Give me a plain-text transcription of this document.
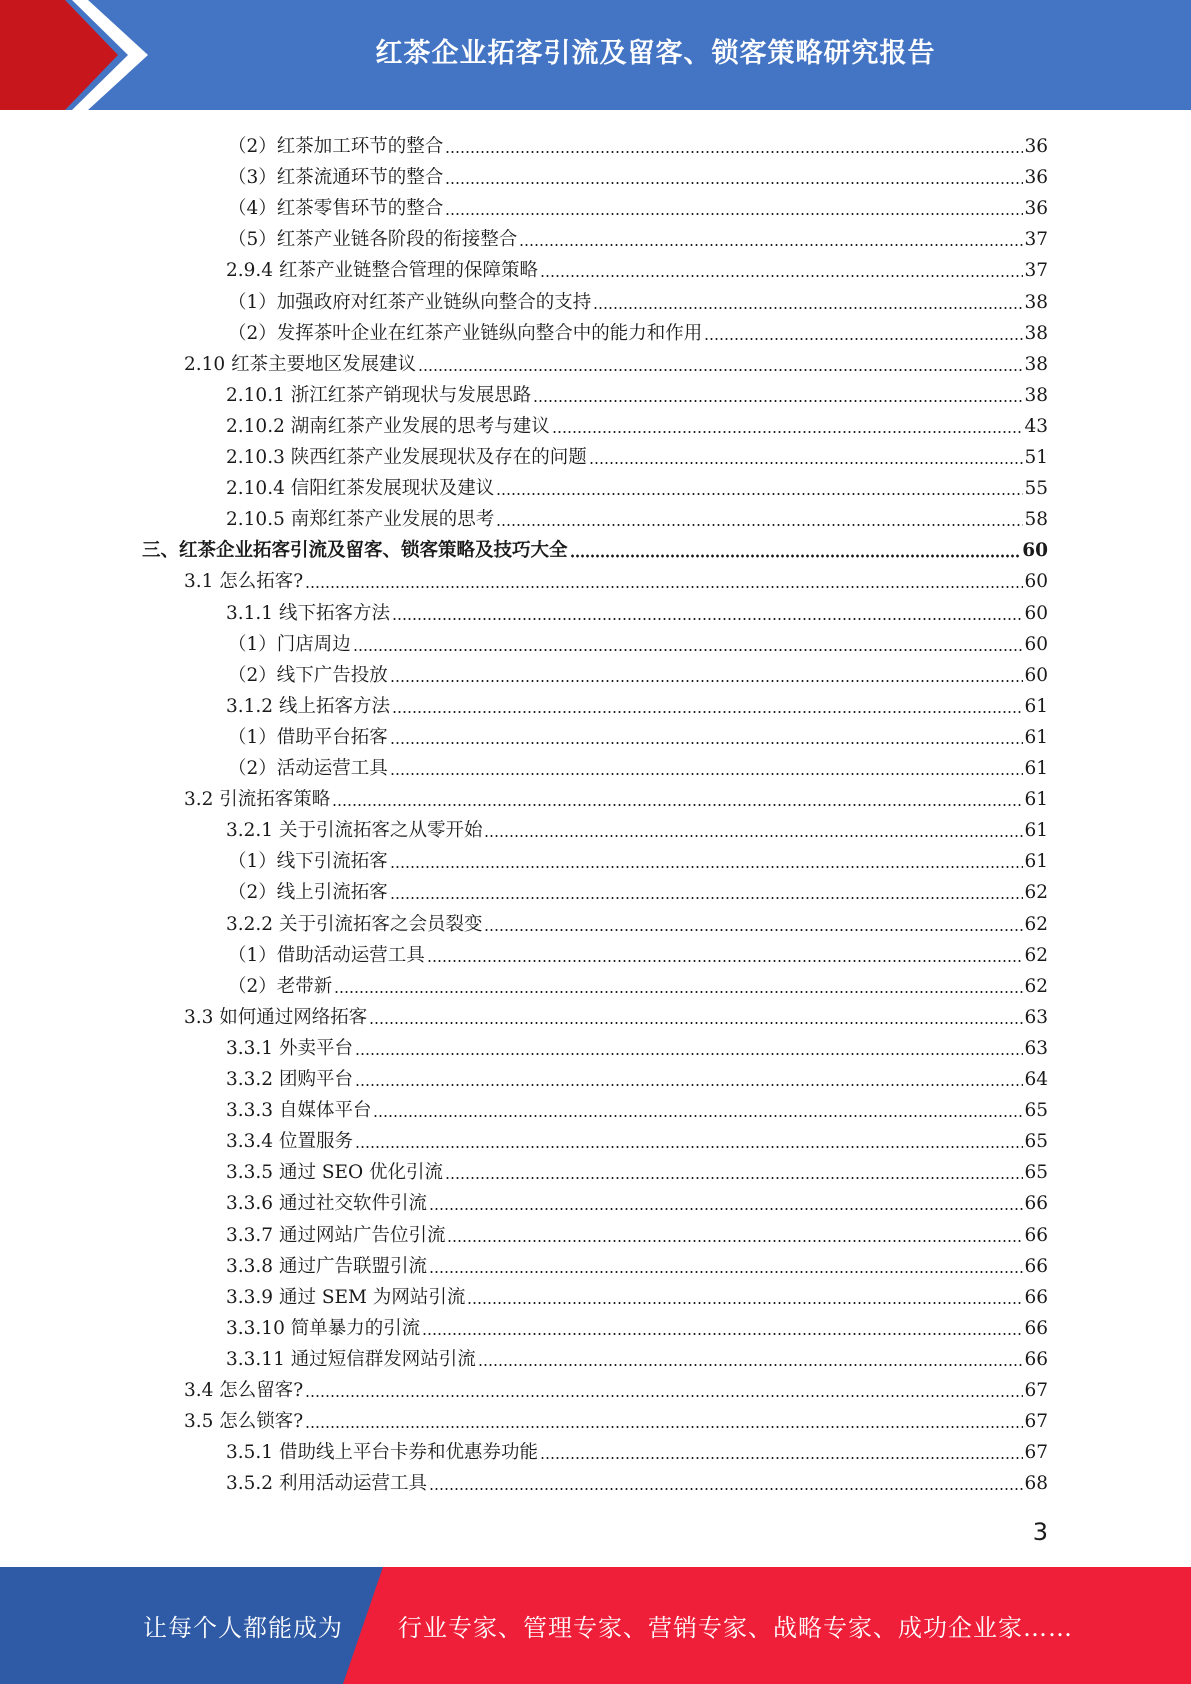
红茶企业拓客引流及留客、锁客策略研究报告
（2）红茶加工环节的整合	36
（3）红茶流通环节的整合	36
（4）红茶零售环节的整合	36
（5）红茶产业链各阶段的衔接整合	37
2.9.4 红茶产业链整合管理的保障策略	37
（1）加强政府对红茶产业链纵向整合的支持	38
（2）发挥茶叶企业在红茶产业链纵向整合中的能力和作用	38
2.10 红茶主要地区发展建议	38
2.10.1 浙江红茶产销现状与发展思路	38
2.10.2 湖南红茶产业发展的思考与建议	43
2.10.3 陕西红茶产业发展现状及存在的问题	51
2.10.4 信阳红茶发展现状及建议	55
2.10.5 南郑红茶产业发展的思考	58
三、红茶企业拓客引流及留客、锁客策略及技巧大全	60
3.1 怎么拓客?	60
3.1.1 线下拓客方法	60
（1）门店周边	60
（2）线下广告投放	60
3.1.2 线上拓客方法	61
（1）借助平台拓客	61
（2）活动运营工具	61
3.2 引流拓客策略	61
3.2.1 关于引流拓客之从零开始	61
（1）线下引流拓客	61
（2）线上引流拓客	62
3.2.2 关于引流拓客之会员裂变	62
（1）借助活动运营工具	62
（2）老带新	62
3.3 如何通过网络拓客	63
3.3.1 外卖平台	63
3.3.2 团购平台	64
3.3.3 自媒体平台	65
3.3.4 位置服务	65
3.3.5 通过 SEO 优化引流	65
3.3.6 通过社交软件引流	66
3.3.7 通过网站广告位引流	66
3.3.8 通过广告联盟引流	66
3.3.9 通过 SEM 为网站引流	66
3.3.10 简单暴力的引流	66
3.3.11 通过短信群发网站引流	66
3.4 怎么留客?	67
3.5 怎么锁客?	67
3.5.1 借助线上平台卡券和优惠券功能	67
3.5.2 利用活动运营工具	68
3
让每个人都能成为 行业专家、管理专家、营销专家、战略专家、成功企业家……
